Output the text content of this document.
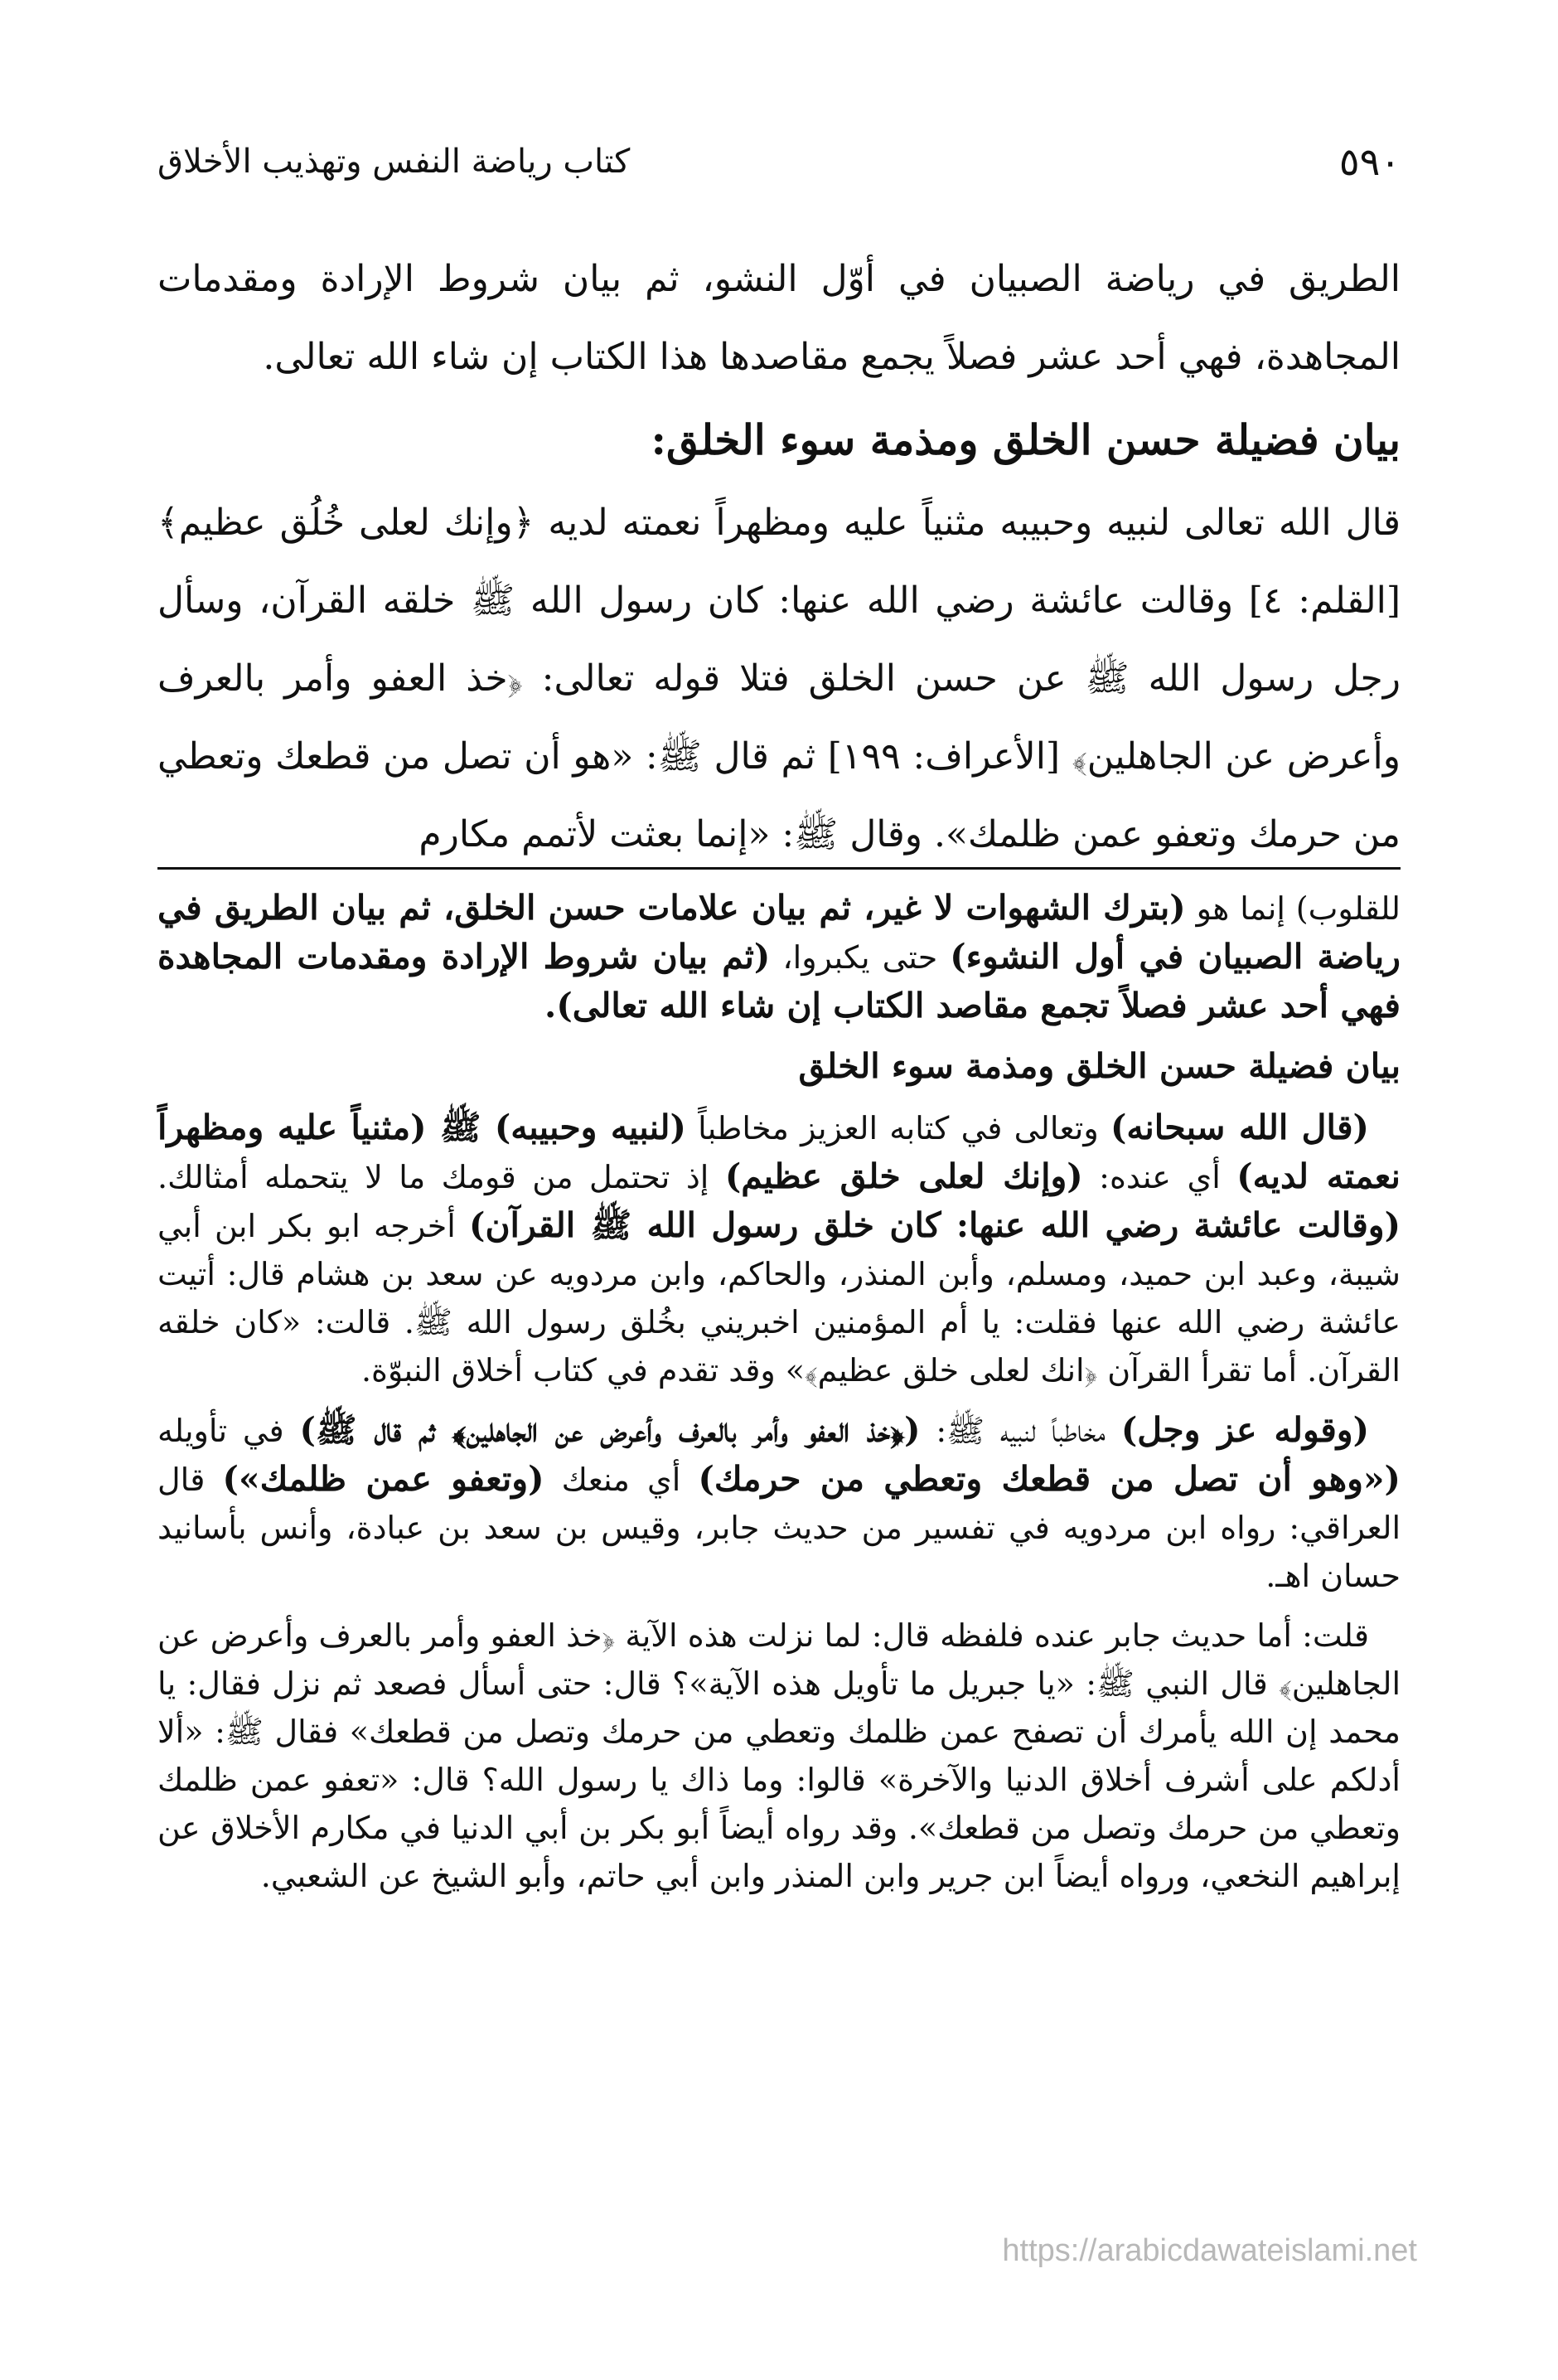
كتاب رياضة النفس وتهذيب الأخلاق	٥٩٠

الطريق في رياضة الصبيان في أوّل النشو، ثم بيان شروط الإرادة ومقدمات المجاهدة، فهي أحد عشر فصلاً يجمع مقاصدها هذا الكتاب إن شاء الله تعالى.

بيان فضيلة حسن الخلق ومذمة سوء الخلق:

قال الله تعالى لنبيه وحبيبه مثنياً عليه ومظهراً نعمته لديه ﴿وإنك لعلى خُلُق عظيم﴾ [القلم: ٤] وقالت عائشة رضي الله عنها: كان رسول الله ﷺ خلقه القرآن، وسأل رجل رسول الله ﷺ عن حسن الخلق فتلا قوله تعالى: ﴿خذ العفو وأمر بالعرف وأعرض عن الجاهلين﴾ [الأعراف: ١٩٩] ثم قال ﷺ: «هو أن تصل من قطعك وتعطي من حرمك وتعفو عمن ظلمك». وقال ﷺ: «إنما بعثت لأتمم مكارم

للقلوب) إنما هو (بترك الشهوات لا غير، ثم بيان علامات حسن الخلق، ثم بيان الطريق في رياضة الصبيان في أول النشوء) حتى يكبروا، (ثم بيان شروط الإرادة ومقدمات المجاهدة فهي أحد عشر فصلاً تجمع مقاصد الكتاب إن شاء الله تعالى).

بيان فضيلة حسن الخلق ومذمة سوء الخلق

(قال الله سبحانه) وتعالى في كتابه العزيز مخاطباً (لنبيه وحبيبه) ﷺ (مثنياً عليه ومظهراً نعمته لديه) أي عنده: (وإنك لعلى خلق عظيم) إذ تحتمل من قومك ما لا يتحمله أمثالك. (وقالت عائشة رضي الله عنها: كان خلق رسول الله ﷺ القرآن) أخرجه ابو بكر ابن أبي شيبة، وعبد ابن حميد، ومسلم، وأبن المنذر، والحاكم، وابن مردويه عن سعد بن هشام قال: أتيت عائشة رضي الله عنها فقلت: يا أم المؤمنين اخبريني بخُلق رسول الله ﷺ. قالت: «كان خلقه القرآن. أما تقرأ القرآن ﴿انك لعلى خلق عظيم﴾» وقد تقدم في كتاب أخلاق النبوّة.

(وقوله عز وجل) مخاطباً لنبيه ﷺ: (﴿خذ العفو وأمر بالعرف وأعرض عن الجاهلين﴾ ثم قال ﷺ) في تأويله («وهو أن تصل من قطعك وتعطي من حرمك) أي منعك (وتعفو عمن ظلمك») قال العراقي: رواه ابن مردويه في تفسير من حديث جابر، وقيس بن سعد بن عبادة، وأنس بأسانيد حسان اهـ.

قلت: أما حديث جابر عنده فلفظه قال: لما نزلت هذه الآية ﴿خذ العفو وأمر بالعرف وأعرض عن الجاهلين﴾ قال النبي ﷺ: «يا جبريل ما تأويل هذه الآية»؟ قال: حتى أسأل فصعد ثم نزل فقال: يا محمد إن الله يأمرك أن تصفح عمن ظلمك وتعطي من حرمك وتصل من قطعك» فقال ﷺ: «ألا أدلكم على أشرف أخلاق الدنيا والآخرة» قالوا: وما ذاك يا رسول الله؟ قال: «تعفو عمن ظلمك وتعطي من حرمك وتصل من قطعك». وقد رواه أيضاً أبو بكر بن أبي الدنيا في مكارم الأخلاق عن إبراهيم النخعي، ورواه أيضاً ابن جرير وابن المنذر وابن أبي حاتم، وأبو الشيخ عن الشعبي.

https://arabicdawateislami.net
